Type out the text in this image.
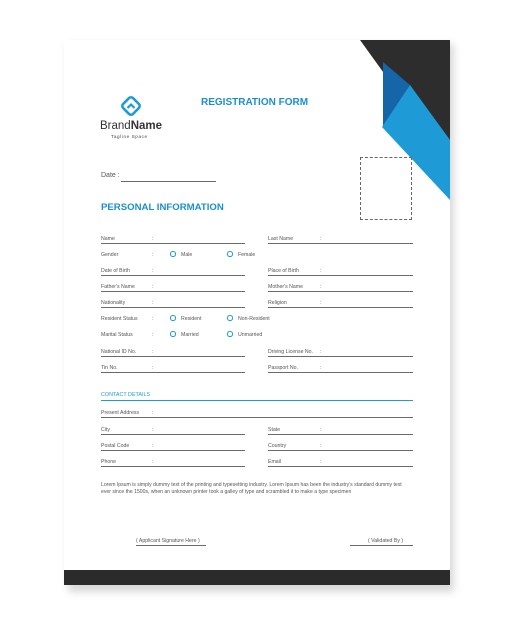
BrandName
Tagline Space
REGISTRATION FORM
Date :
PERSONAL INFORMATION
Name	:	Last Name	:
Gender	:	Male	Female
Date of Birth	:	Place of Birth	:
Father's Name	:	Mother's Name	:
Nationality	:	Religion	:
Resident Status	:	Resident	Non-Resident
Marital Status	:	Married	Unmarried
National ID No.	:	Driving License No. :
Tin No.	:	Passport No.	:
CONTACT DETAILS
Present Address :
City	:	State	:
Postal Code	:	Country	:
Phone	:	Email	:
Lorem Ipsum is simply dummy text of the printing and typesetting industry. Lorem Ipsum has been the industry's standard dummy text ever since the 1500s, when an unknown printer took a galley of type and scrambled it to make a type specimen
( Applicant Signature Here )	( Validated By )
